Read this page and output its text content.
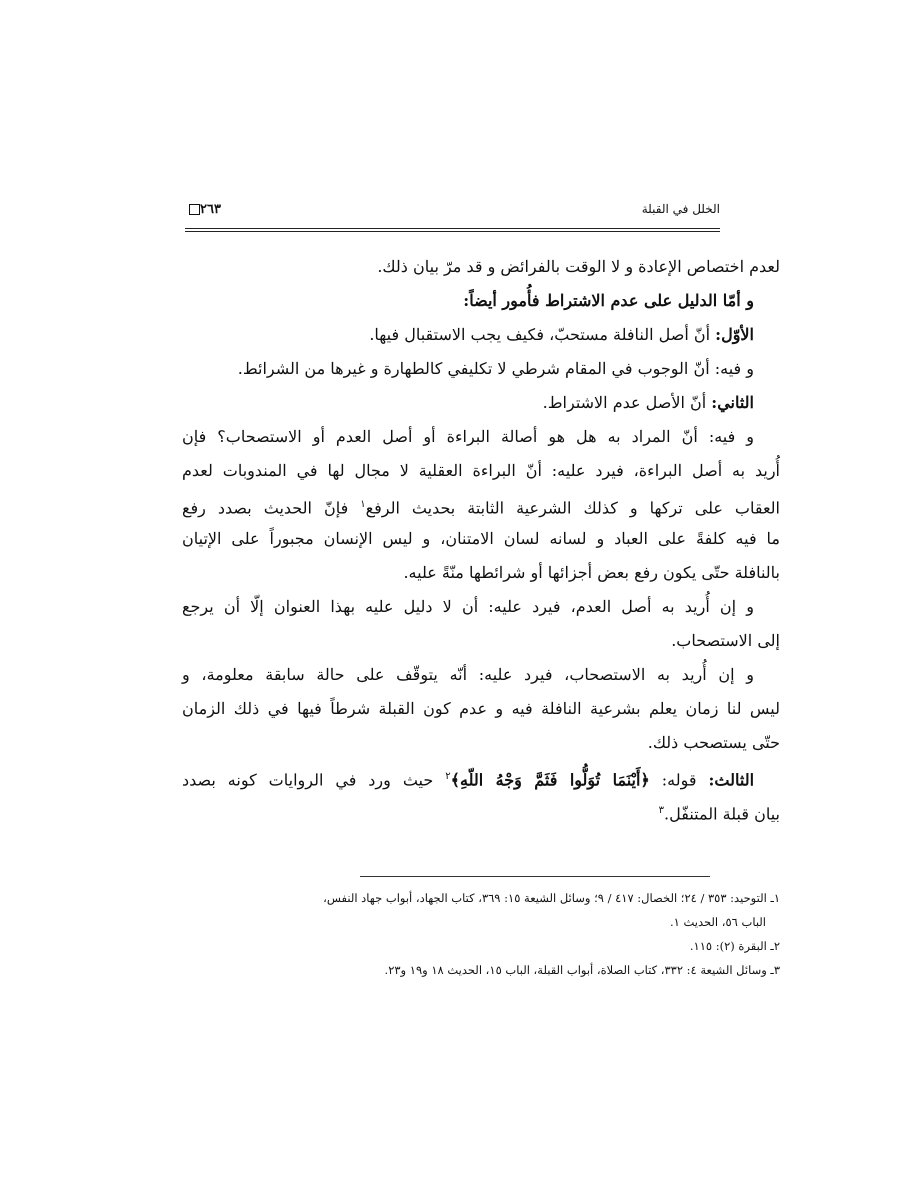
٢٦٣	الخلل في القبلة
لعدم اختصاص الإعادة و لا الوقت بالفرائض و قد مرّ بيان ذلك.
و أمّا الدليل على عدم الاشتراط فأُمور أيضاً:
الأوّل: أنّ أصل النافلة مستحبّ، فكيف يجب الاستقبال فيها.
و فيه: أنّ الوجوب في المقام شرطي لا تكليفي كالطهارة و غيرها من الشرائط.
الثاني: أنّ الأصل عدم الاشتراط.
و فيه: أنّ المراد به هل هو أصالة البراءة أو أصل العدم أو الاستصحاب؟ فإن
أُريد به أصل البراءة، فيرد عليه: أنّ البراءة العقلية لا مجال لها في المندوبات لعدم
العقاب على تركها و كذلك الشرعية الثابتة بحديث الرفع$^١$ فإنّ الحديث بصدد رفع
ما فيه كلفةً على العباد و لسانه لسان الامتنان، و ليس الإنسان مجبوراً على الإتيان
بالنافلة حتّى يكون رفع بعض أجزائها أو شرائطها منّةً عليه.
و إن أُريد به أصل العدم، فيرد عليه: أن لا دليل عليه بهذا العنوان إلّا أن يرجع
إلى الاستصحاب.
و إن أُريد به الاستصحاب، فيرد عليه: أنّه يتوقّف على حالة سابقة معلومة، و
ليس لنا زمان يعلم بشرعية النافلة فيه و عدم كون القبلة شرطاً فيها في ذلك الزمان
حتّى يستصحب ذلك.
الثالث: قوله: ﴿أَيْنَمَا تُوَلُّوا فَثَمَّ وَجْهُ اللّهِ﴾$^٢$ حيث ورد في الروايات كونه بصدد
بيان قبلة المتنفّل.$^٣$
١ـ التوحيد: ٣٥٣ / ٢٤؛ الخصال: ٤١٧ / ٩؛ وسائل الشيعة ١٥: ٣٦٩، كتاب الجهاد، أبواب جهاد النفس،
الباب ٥٦، الحديث ١.
٢ـ البقرة (٢): ١١٥.
٣ـ وسائل الشيعة ٤: ٣٣٢، كتاب الصلاة، أبواب القبلة، الباب ١٥، الحديث ١٨ و١٩ و٢٣.
